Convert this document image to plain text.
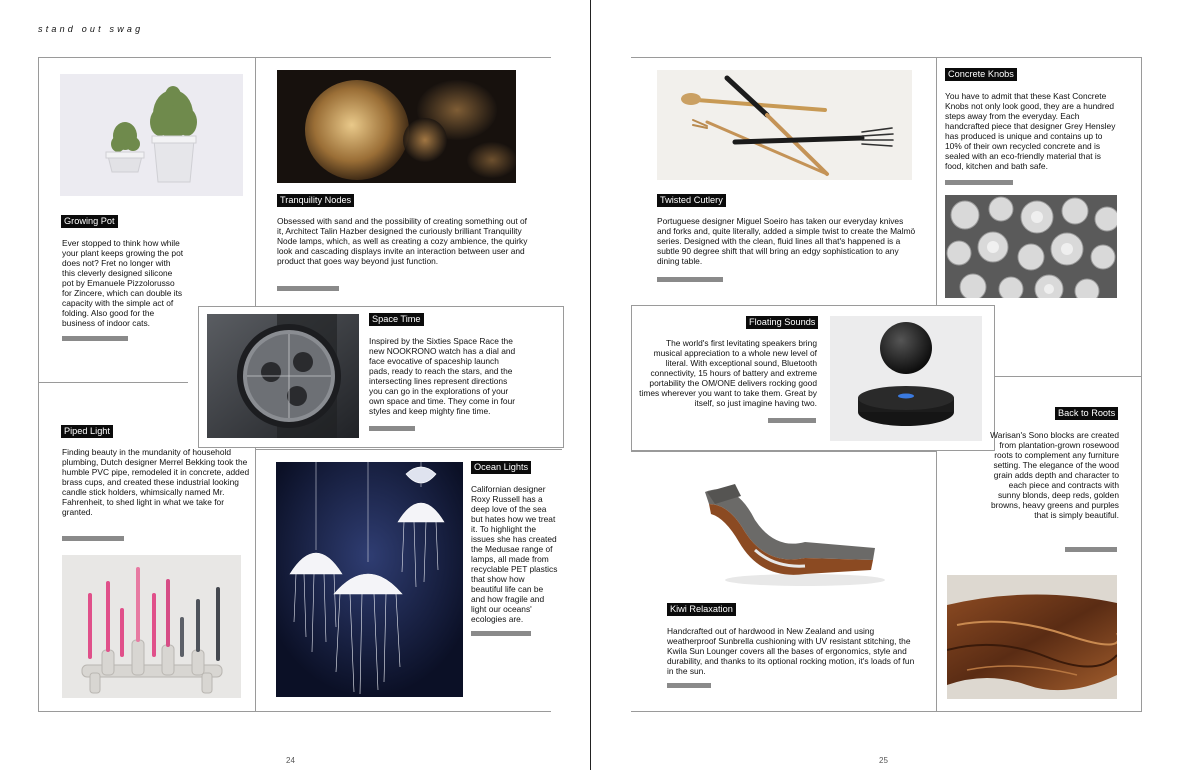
stand out swag
Growing Pot

Ever stopped to think how while your plant keeps growing the pot does not? Fret no longer with this cleverly designed silicone pot by Emanuele Pizzolorusso for Zincere, which can double its capacity with the simple act of folding. Also good for the business of indoor cats.

Tranquility Nodes

Obsessed with sand and the possibility of creating something out of it, Architect Talin Hazber designed the curiously brilliant Tranquility Node lamps, which, as well as creating a cozy ambience, the quirky look and cascading displays invite an interaction between user and product that goes way beyond just function.

Space Time

Inspired by the Sixties Space Race the new NOOKRONO watch has a dial and face evocative of spaceship launch pads, ready to reach the stars, and the intersecting lines represent directions you can go in the explorations of your own space and time. They come in four styles and keep mighty fine time.

Piped Light

Finding beauty in the mundanity of household plumbing, Dutch designer Merrel Bekking took the humble PVC pipe, remodeled it in concrete, added brass cups, and created these industrial looking candle stick holders, whimsically named Mr. Fahrenheit, to shed light in what we take for granted.

Ocean Lights

Californian designer Roxy Russell has a deep love of the sea but hates how we treat it. To highlight the issues she has created the Medusae range of lamps, all made from recyclable PET plastics that show how beautiful life can be and how fragile and light our oceans' ecologies are.

24
Twisted Cutlery

Portuguese designer Miguel Soeiro has taken our everyday knives and forks and, quite literally, added a simple twist to create the Malmö series. Designed with the clean, fluid lines all that's happened is a subtle 90 degree shift that will bring an edgy sophistication to any dining table.

Concrete Knobs

You have to admit that these Kast Concrete Knobs not only look good, they are a hundred steps away from the everyday. Each handcrafted piece that designer Grey Hensley has produced is unique and contains up to 10% of their own recycled concrete and is sealed with an eco-friendly material that is food, kitchen and bath safe.

Floating Sounds

The world's first levitating speakers bring musical appreciation to a whole new level of literal. With exceptional sound, Bluetooth connectivity, 15 hours of battery and extreme portability the OM/ONE delivers rocking good times wherever you want to take them. Great by itself, so just imagine having two.

Back to Roots

Warisan's Sono blocks are created from plantation-grown rosewood roots to complement any furniture setting. The elegance of the wood grain adds depth and character to each piece and contracts with sunny blonds, deep reds, golden browns, heavy greens and purples that is simply beautiful.

Kiwi Relaxation

Handcrafted out of hardwood in New Zealand and using weatherproof Sunbrella cushioning with UV resistant stitching, the Kwila Sun Lounger covers all the bases of ergonomics, style and durability, and thanks to its optional rocking motion, it's loads of fun in the sun.

25
